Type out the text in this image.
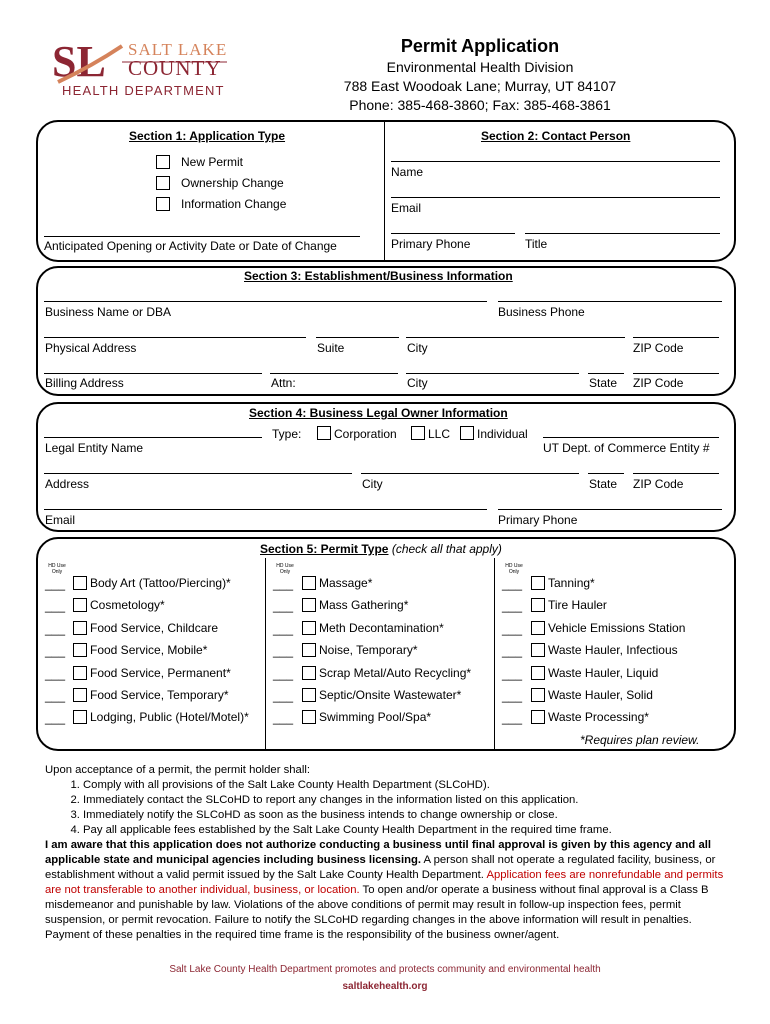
SL SALT LAKE
COUNTY
HEALTH DEPARTMENT
Permit Application
Environmental Health Division
788 East Woodoak Lane; Murray, UT 84107
Phone: 385-468-3860; Fax: 385-468-3861
Section 1: Application Type
New Permit
Ownership Change
Information Change
Anticipated Opening or Activity Date or Date of Change
Section 2: Contact Person
Name
Email
Primary Phone	Title
Section 3: Establishment/Business Information
Business Name or DBA	Business Phone
Physical Address	Suite	City	ZIP Code
Billing Address	Attn:	City	State ZIP Code
Section 4: Business Legal Owner Information
Legal Entity Name
Type:	Corporation	LLC Individual
UT Dept. of Commerce Entity #
Address	City	State ZIP Code
Email	Primary Phone
Section 5: Permit Type (check all that apply)
HD Use Only
HD Use Only
HD Use Only
___ Body Art (Tattoo/Piercing)*
___ Cosmetology*
___ Food Service, Childcare
___ Food Service, Mobile*
___ Food Service, Permanent*
___ Food Service, Temporary*
___ Lodging, Public (Hotel/Motel)*
___ Massage*
___ Mass Gathering*
___ Meth Decontamination*
___ Noise, Temporary*
___ Scrap Metal/Auto Recycling*
___ Septic/Onsite Wastewater*
___ Swimming Pool/Spa*
___ Tanning*
___ Tire Hauler
___ Vehicle Emissions Station
___ Waste Hauler, Infectious
___ Waste Hauler, Liquid
___ Waste Hauler, Solid
___ Waste Processing*
*Requires plan review.

Upon acceptance of a permit, the permit holder shall:

1. Comply with all provisions of the Salt Lake County Health Department (SLCoHD).
2. Immediately contact the SLCoHD to report any changes in the information listed on this application.
3. Immediately notify the SLCoHD as soon as the business intends to change ownership or close.
4. Pay all applicable fees established by the Salt Lake County Health Department in the required time frame.

I am aware that this application does not authorize conducting a business until final approval is given by this agency and all applicable state and municipal agencies including business licensing. A person shall not operate a regulated facility, business, or establishment without a valid permit issued by the Salt Lake County Health Department. Application fees are nonrefundable and permits are not transferable to another individual, business, or location. To open and/or operate a business without final approval is a Class B misdemeanor and punishable by law. Violations of the above conditions of permit may result in follow-up inspection fees, permit suspension, or permit revocation. Failure to notify the SLCoHD regarding changes in the above information will result in penalties. Payment of these penalties in the required time frame is the responsibility of the business owner/agent.

Salt Lake County Health Department promotes and protects community and environmental health
saltlakehealth.org
